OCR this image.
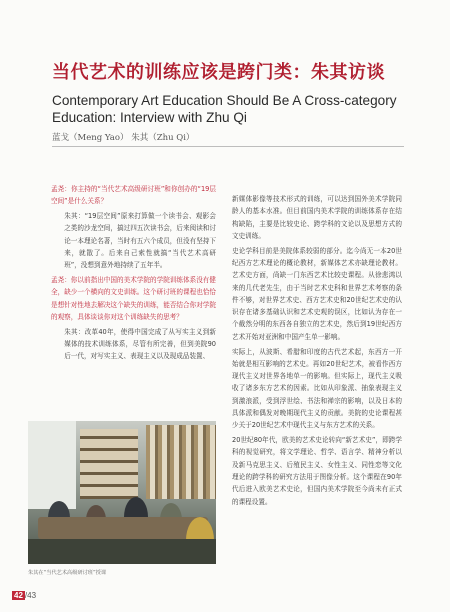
当代艺术的训练应该是跨门类：朱其访谈
Contemporary Art Education Should Be A Cross-category Education: Interview with Zhu Qi
蓝戈（Meng Yao） 朱其（Zhu Qi）

孟尧：你主持的“当代艺术高级研讨班”和你创办的“19层空间”是什么关系？

朱其：“19层空间”原来打算做一个读书会、观影会之类的沙龙空间，搞过四五次读书会，后来阅读和讨论一本理论名著，当时有五六个成员，但没有坚持下来，就散了。后来自己索性就搞“当代艺术高研班”，没想到意外地持续了五年半。

孟尧：你以前指出中国的美术学院的学院训练体系没有健全，缺少一个横向的文史训练。这个研讨班的课程也恰恰是想针对性地去解决这个缺失的训练，能否结合你对学院的观察，具体谈谈你对这个训练缺失的思考？

朱其：改革40年，使得中国完成了从写实主义到新媒体的技术训练体系，尽管有所完善，但到美院90后一代，对写实主义、表现主义以及现成品装置、

新媒体影像等技术形式的训练，可以达到国外美术学院同龄人的基本水准。但目前国内美术学院的训练体系存在结构缺陷，主要是比较史论、跨学科的文论以及思想方式的文史训练。

史论学科目前是美院体系较弱的部分。迄今尚无一本20世纪西方艺术理论的概论教材，新媒体艺术亦缺理论教材。艺术史方面，尚缺一门东西艺术比较史课程。从徐悲鸿以来的几代老先生，由于当时艺术史科和世界艺术考察的条件不够，对世界艺术史、西方艺术史和20世纪艺术史的认识存在诸多基础认识和艺术史观的误区，比如认为存在一个截然分明的东西各自独立的艺术史，然后到19世纪西方艺术开始对亚洲和中国产生单一影响。

实际上，从波斯、希腊和印度的古代艺术起，东西方一开始就是相互影响的艺术史。再如20世纪艺术，被看作西方现代主义对世界各地单一的影响。但实际上，现代主义吸收了诸多东方艺术的因素。比如从印象派、抽象表现主义到激浪派，受到浮世绘、书法和禅宗的影响，以及日本的具体派和偶发对晚期现代主义的贡献。美院的史论课程甚少关于20世纪艺术中现代主义与东方艺术的关系。

20世纪80年代，欧美的艺术史论转向“新艺术史”，即跨学科的视觉研究，将文学理论、哲学、语言学、精神分析以及新马克思主义、后殖民主义、女性主义、同性恋等文化理论的跨学科的研究方法用于图像分析。这个课程在90年代后进入欧美艺术史论，但国内美术学院至今尚未有正式的课程设置。

朱其在“当代艺术高级研讨班”授课
42 /43
